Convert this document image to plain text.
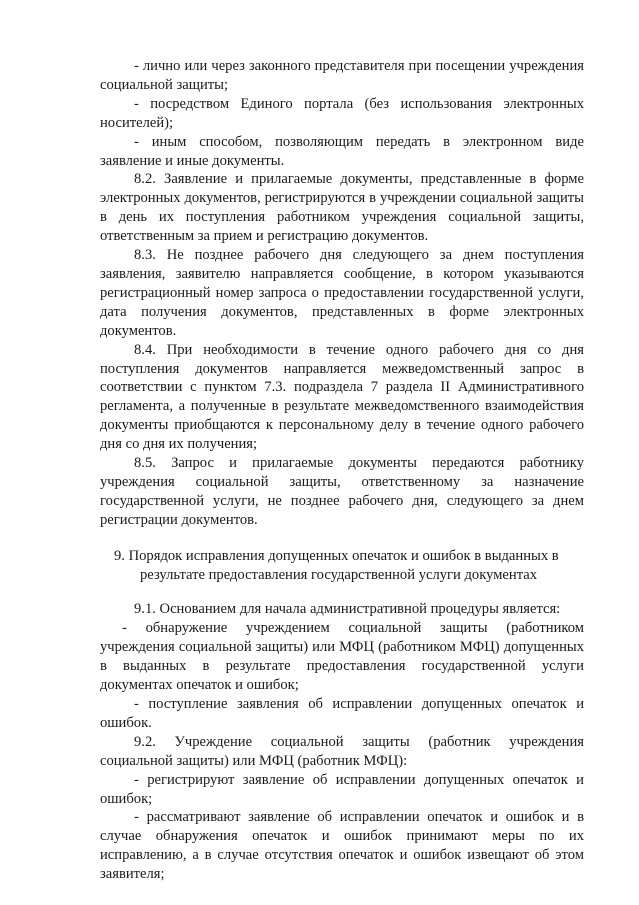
- лично или через законного представителя при посещении учреждения социальной защиты;

- посредством Единого портала (без использования электронных носителей);

- иным способом, позволяющим передать в электронном виде заявление и иные документы.

8.2. Заявление и прилагаемые документы, представленные в форме электронных документов, регистрируются в учреждении социальной защиты в день их поступления работником учреждения социальной защиты, ответственным за прием и регистрацию документов.

8.3. Не позднее рабочего дня следующего за днем поступления заявления, заявителю направляется сообщение, в котором указываются регистрационный номер запроса о предоставлении государственной услуги, дата получения документов, представленных в форме электронных документов.

8.4. При необходимости в течение одного рабочего дня со дня поступления документов направляется межведомственный запрос в соответствии с пунктом 7.3. подраздела 7 раздела II Административного регламента, а полученные в результате межведомственного взаимодействия документы приобщаются к персональному делу в течение одного рабочего дня со дня их получения;

8.5. Запрос и прилагаемые документы передаются работнику учреждения социальной защиты, ответственному за назначение государственной услуги, не позднее рабочего дня, следующего за днем регистрации документов.

9. Порядок исправления допущенных опечаток и ошибок в выданных в результате предоставления государственной услуги документах

9.1. Основанием для начала административной процедуры является:

- обнаружение учреждением социальной защиты (работником учреждения социальной защиты) или МФЦ (работником МФЦ) допущенных в выданных в результате предоставления государственной услуги документах опечаток и ошибок;

- поступление заявления об исправлении допущенных опечаток и ошибок.

9.2. Учреждение социальной защиты (работник учреждения социальной защиты) или МФЦ (работник МФЦ):

- регистрируют заявление об исправлении допущенных опечаток и ошибок;

- рассматривают заявление об исправлении опечаток и ошибок и в случае обнаружения опечаток и ошибок принимают меры по их исправлению, а в случае отсутствия опечаток и ошибок извещают об этом заявителя;
